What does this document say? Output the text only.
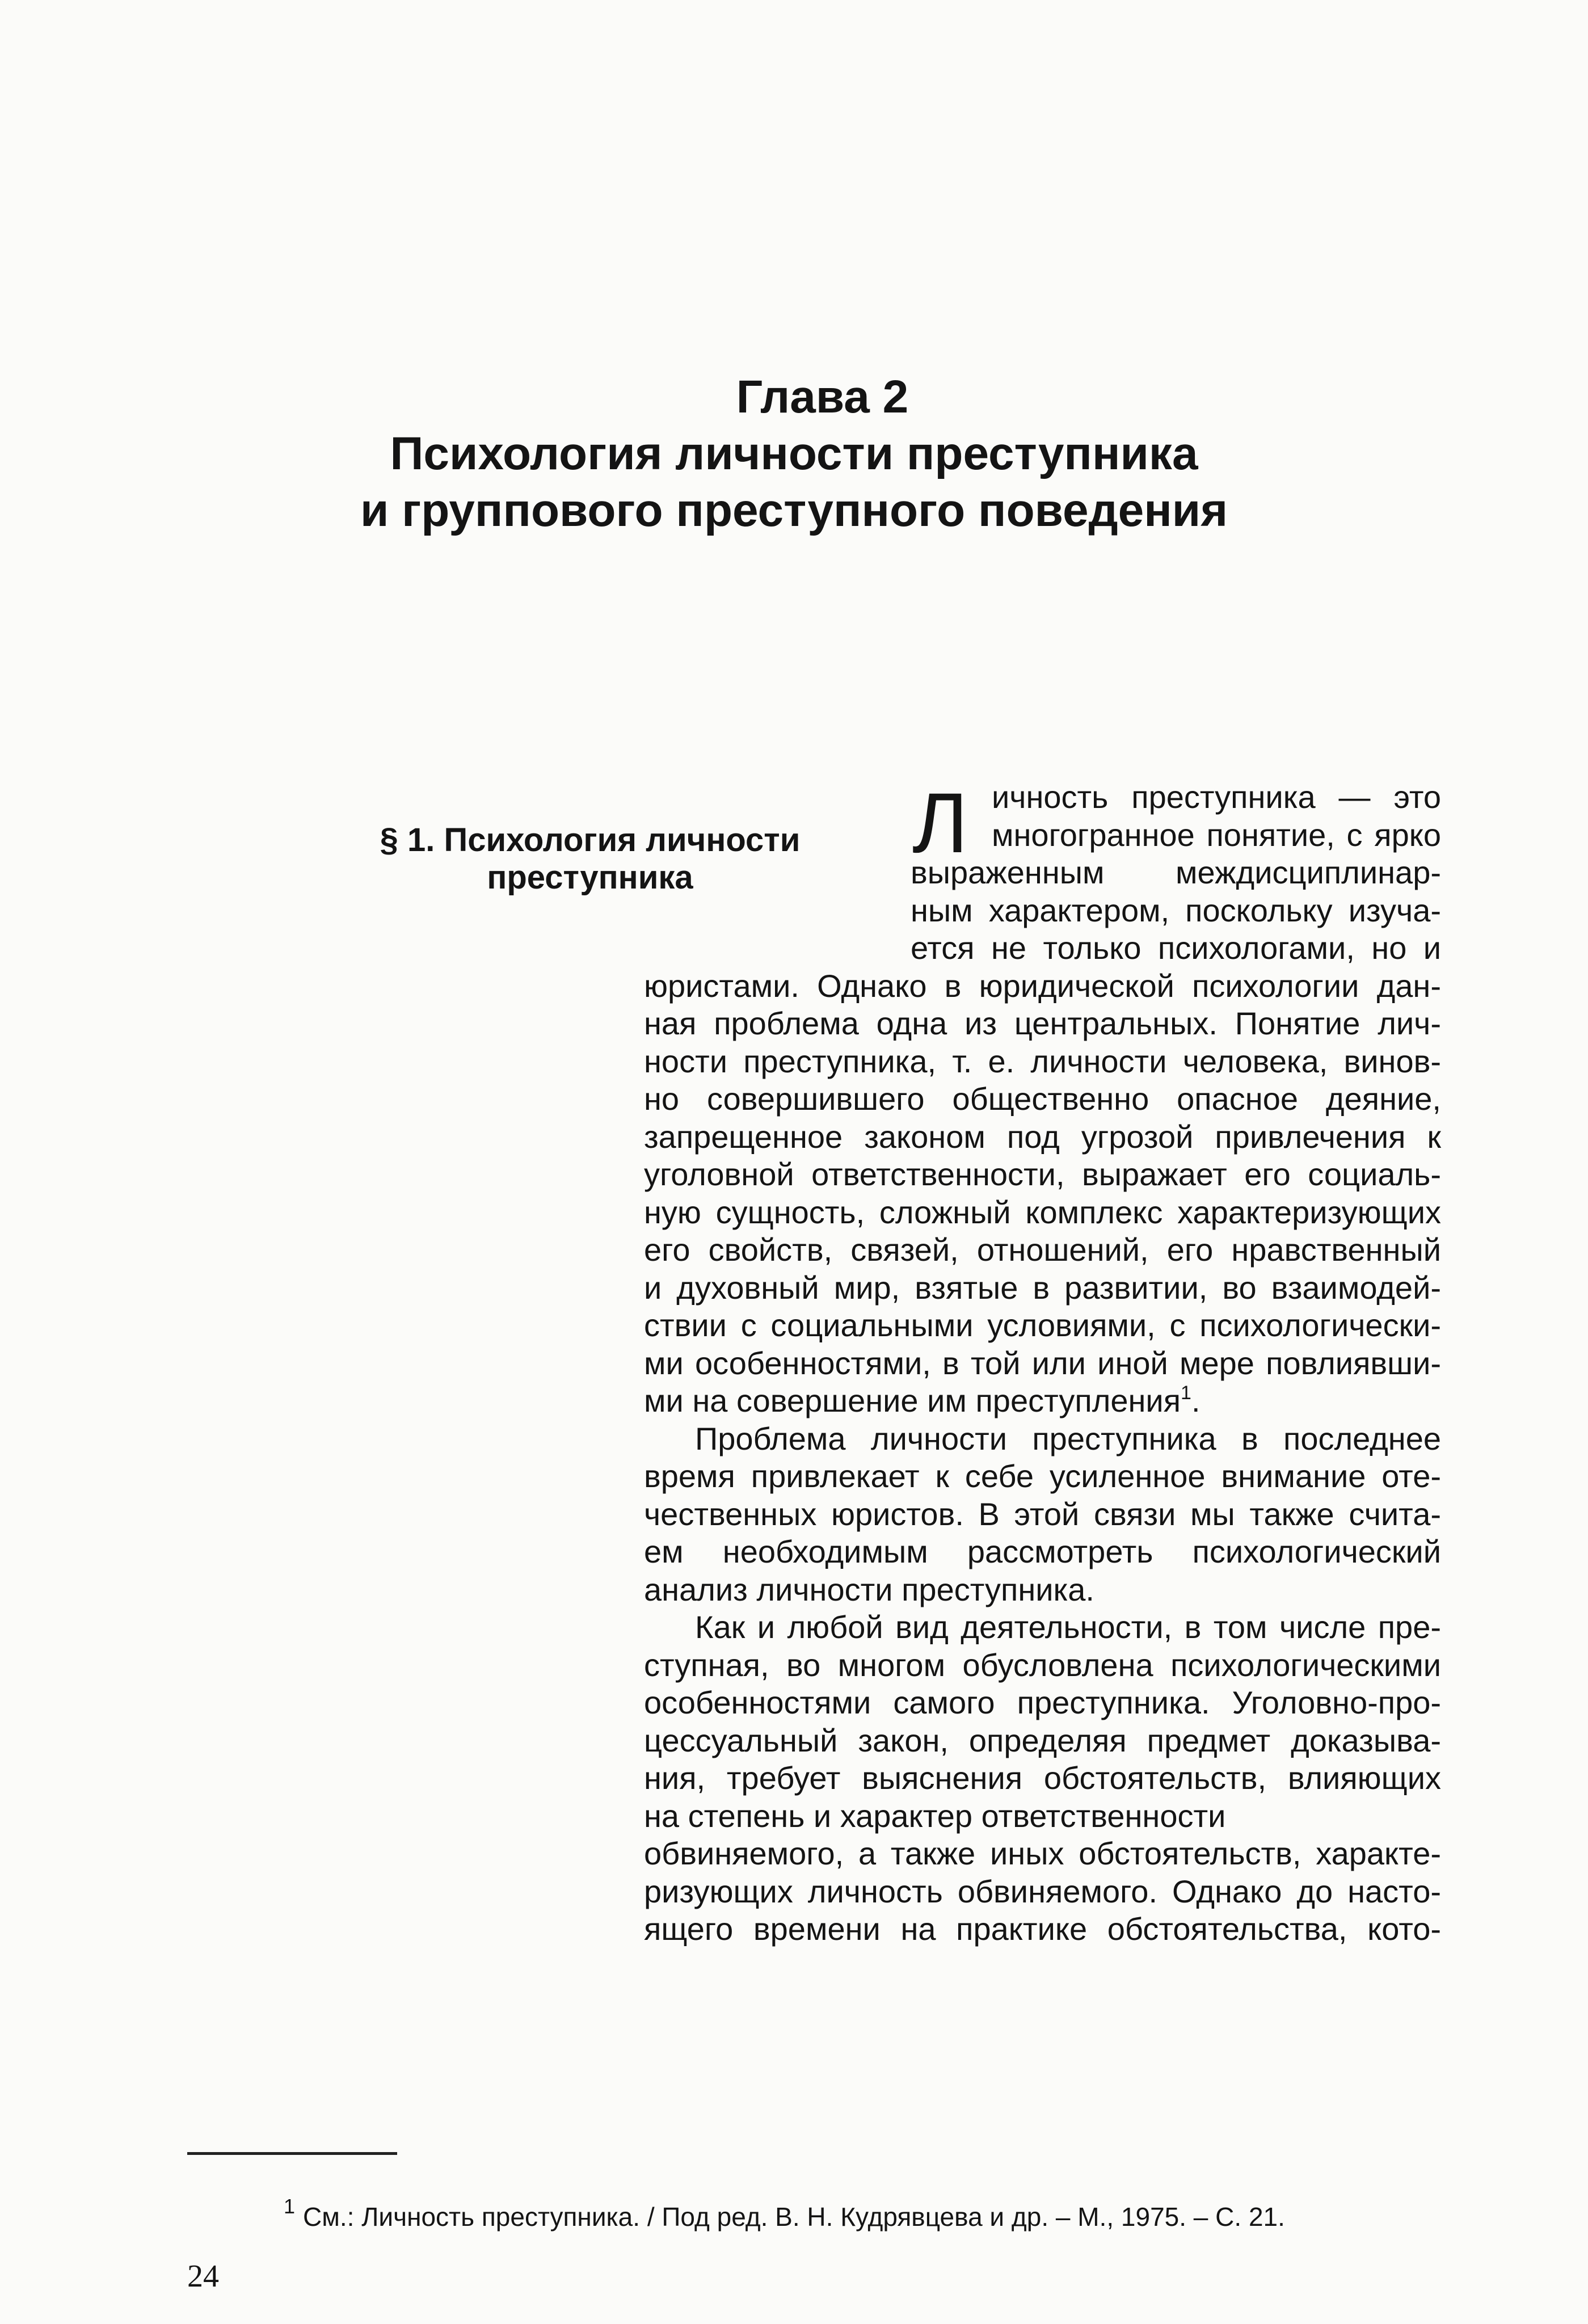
Глава 2
Психология личности преступника
и группового преступного поведения
§ 1. Психология личности
преступника
Л ичность преступника — это
многогранное понятие, с ярко
выраженным междисциплинар-
ным характером, поскольку изуча-
ется не только психологами, но и
юристами. Однако в юридической психологии дан-
ная проблема одна из центральных. Понятие лич-
ности преступника, т. е. личности человека, винов-
но совершившего общественно опасное деяние,
запрещенное законом под угрозой привлечения к
уголовной ответственности, выражает его социаль-
ную сущность, сложный комплекс характеризующих
его свойств, связей, отношений, его нравственный
и духовный мир, взятые в развитии, во взаимодей-
ствии с социальными условиями, с психологически-
ми особенностями, в той или иной мере повлиявши-
ми на совершение им преступления$^1$.
Проблема личности преступника в последнее
время привлекает к себе усиленное внимание оте-
чественных юристов. В этой связи мы также счита-
ем необходимым рассмотреть психологический
анализ личности преступника.
Как и любой вид деятельности, в том числе пре-
ступная, во многом обусловлена психологическими
особенностями самого преступника. Уголовно-про-
цессуальный закон, определяя предмет доказыва-
ния, требует выяснения обстоятельств, влияющих
на степень и характер ответственности
обвиняемого, а также иных обстоятельств, характе-
ризующих личность обвиняемого. Однако до насто-
ящего времени на практике обстоятельства, кото-
$^1$ См.: Личность преступника. / Под ред. В. Н. Кудрявцева и др. – М., 1975. – С. 21.
24
